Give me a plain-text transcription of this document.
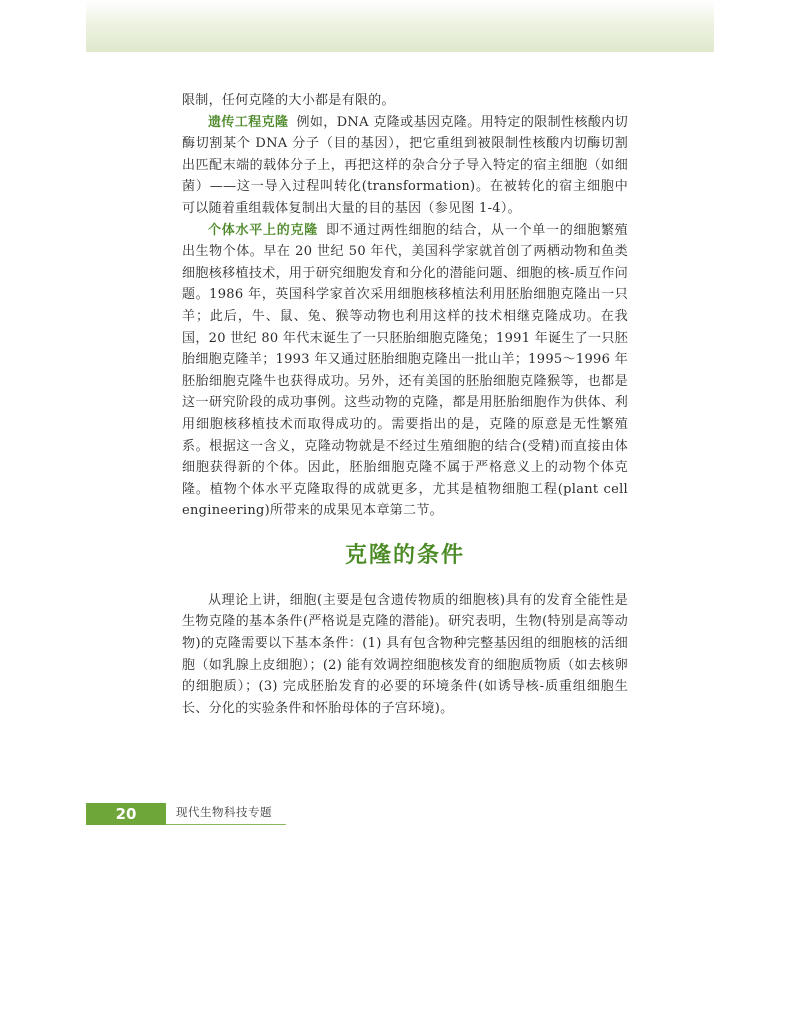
限制，任何克隆的大小都是有限的。

遗传工程克隆 例如，DNA 克隆或基因克隆。用特定的限制性核酸内切酶切割某个 DNA 分子（目的基因），把它重组到被限制性核酸内切酶切割出匹配末端的载体分子上，再把这样的杂合分子导入特定的宿主细胞（如细菌）——这一导入过程叫转化(transformation)。在被转化的宿主细胞中可以随着重组载体复制出大量的目的基因（参见图 1-4）。

个体水平上的克隆 即不通过两性细胞的结合，从一个单一的细胞繁殖出生物个体。早在 20 世纪 50 年代，美国科学家就首创了两栖动物和鱼类细胞核移植技术，用于研究细胞发育和分化的潜能问题、细胞的核-质互作问题。1986 年，英国科学家首次采用细胞核移植法利用胚胎细胞克隆出一只羊；此后，牛、鼠、兔、猴等动物也利用这样的技术相继克隆成功。在我国，20 世纪 80 年代末诞生了一只胚胎细胞克隆兔；1991 年诞生了一只胚胎细胞克隆羊；1993 年又通过胚胎细胞克隆出一批山羊；1995～1996 年胚胎细胞克隆牛也获得成功。另外，还有美国的胚胎细胞克隆猴等，也都是这一研究阶段的成功事例。这些动物的克隆，都是用胚胎细胞作为供体、利用细胞核移植技术而取得成功的。需要指出的是，克隆的原意是无性繁殖系。根据这一含义，克隆动物就是不经过生殖细胞的结合(受精)而直接由体细胞获得新的个体。因此，胚胎细胞克隆不属于严格意义上的动物个体克隆。植物个体水平克隆取得的成就更多，尤其是植物细胞工程(plant cell engineering)所带来的成果见本章第二节。

克隆的条件

从理论上讲，细胞(主要是包含遗传物质的细胞核)具有的发育全能性是生物克隆的基本条件(严格说是克隆的潜能)。研究表明，生物(特别是高等动物)的克隆需要以下基本条件：(1) 具有包含物种完整基因组的细胞核的活细胞（如乳腺上皮细胞）；(2) 能有效调控细胞核发育的细胞质物质（如去核卵的细胞质）；(3) 完成胚胎发育的必要的环境条件(如诱导核-质重组细胞生长、分化的实验条件和怀胎母体的子宫环境)。

20	现代生物科技专题
